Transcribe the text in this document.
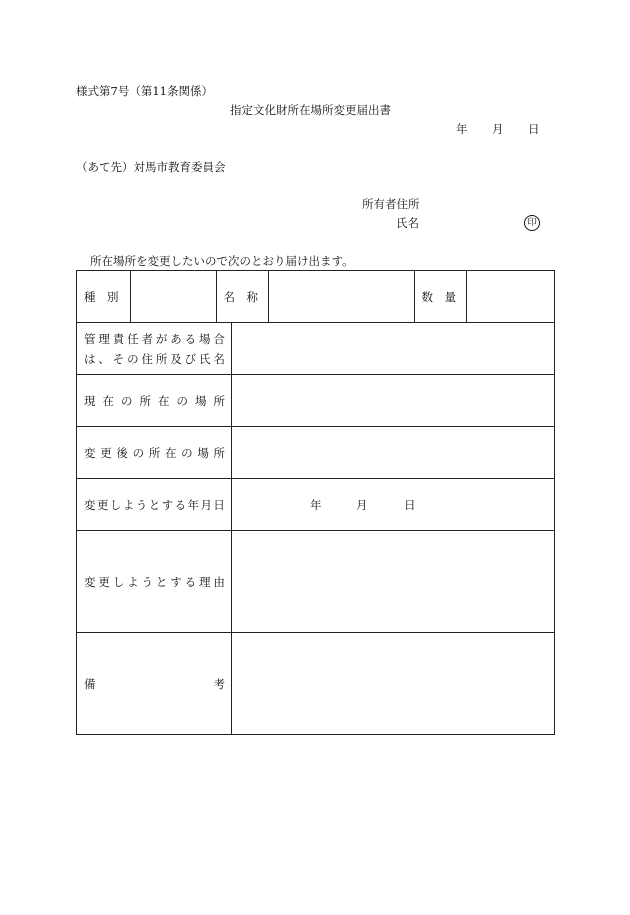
様式第7号（第11条関係）
指定文化財所在場所変更届出書
年 月 日
（あて先）対馬市教育委員会
所有者住所
氏名	印
所在場所を変更したいので次のとおり届け出ます。
種　別		名　称		数　量	

管 理 責 任 者 が あ る 場 合
は 、 そ の 住 所 及 び 氏 名

現 在 の 所 在 の 場 所

変 更 後 の 所 在 の 場 所

変 更 し よ う と す る 年 月 日	年	月	日

変 更 し よ う と す る 理 由

備	考
